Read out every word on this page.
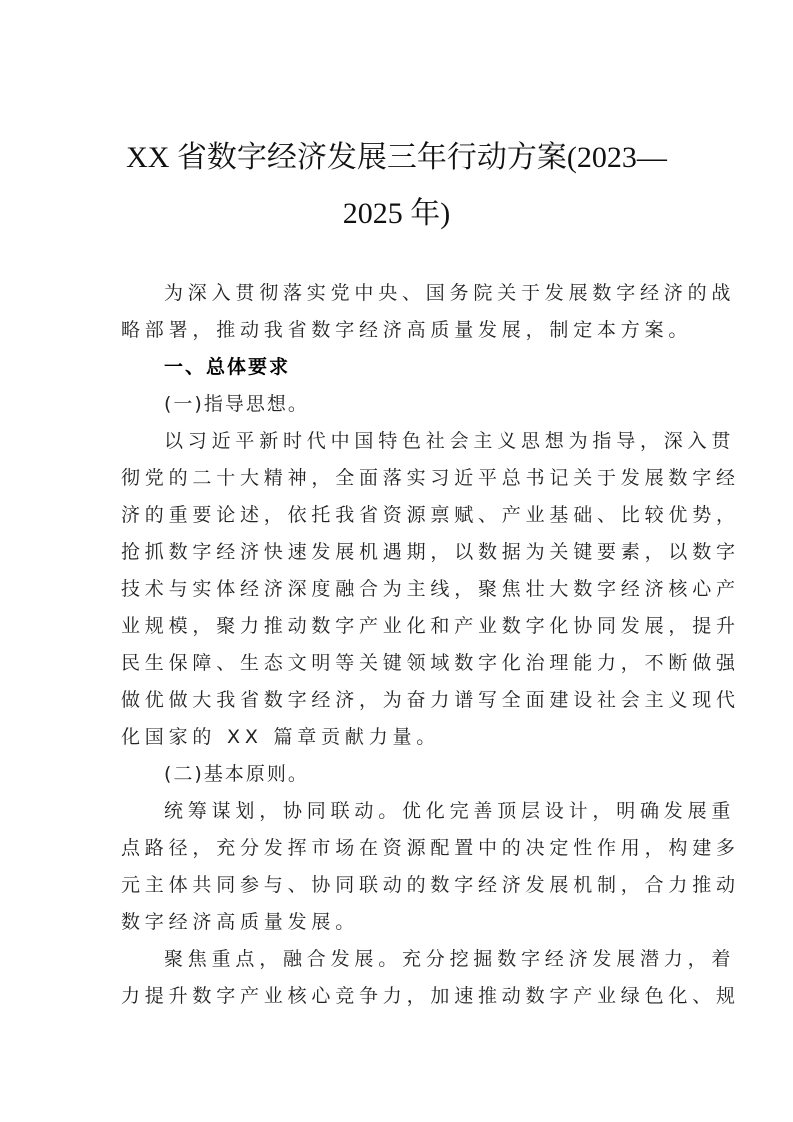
XX 省数字经济发展三年行动方案(2023—
2025 年)
为深入贯彻落实党中央、国务院关于发展数字经济的战
略部署，推动我省数字经济高质量发展，制定本方案。
一、总体要求
(一)指导思想。
以习近平新时代中国特色社会主义思想为指导，深入贯
彻党的二十大精神，全面落实习近平总书记关于发展数字经
济的重要论述，依托我省资源禀赋、产业基础、比较优势，
抢抓数字经济快速发展机遇期，以数据为关键要素，以数字
技术与实体经济深度融合为主线，聚焦壮大数字经济核心产
业规模，聚力推动数字产业化和产业数字化协同发展，提升
民生保障、生态文明等关键领域数字化治理能力，不断做强
做优做大我省数字经济，为奋力谱写全面建设社会主义现代
化国家的 XX 篇章贡献力量。
(二)基本原则。
统筹谋划，协同联动。优化完善顶层设计，明确发展重
点路径，充分发挥市场在资源配置中的决定性作用，构建多
元主体共同参与、协同联动的数字经济发展机制，合力推动
数字经济高质量发展。
聚焦重点，融合发展。充分挖掘数字经济发展潜力，着
力提升数字产业核心竞争力，加速推动数字产业绿色化、规
